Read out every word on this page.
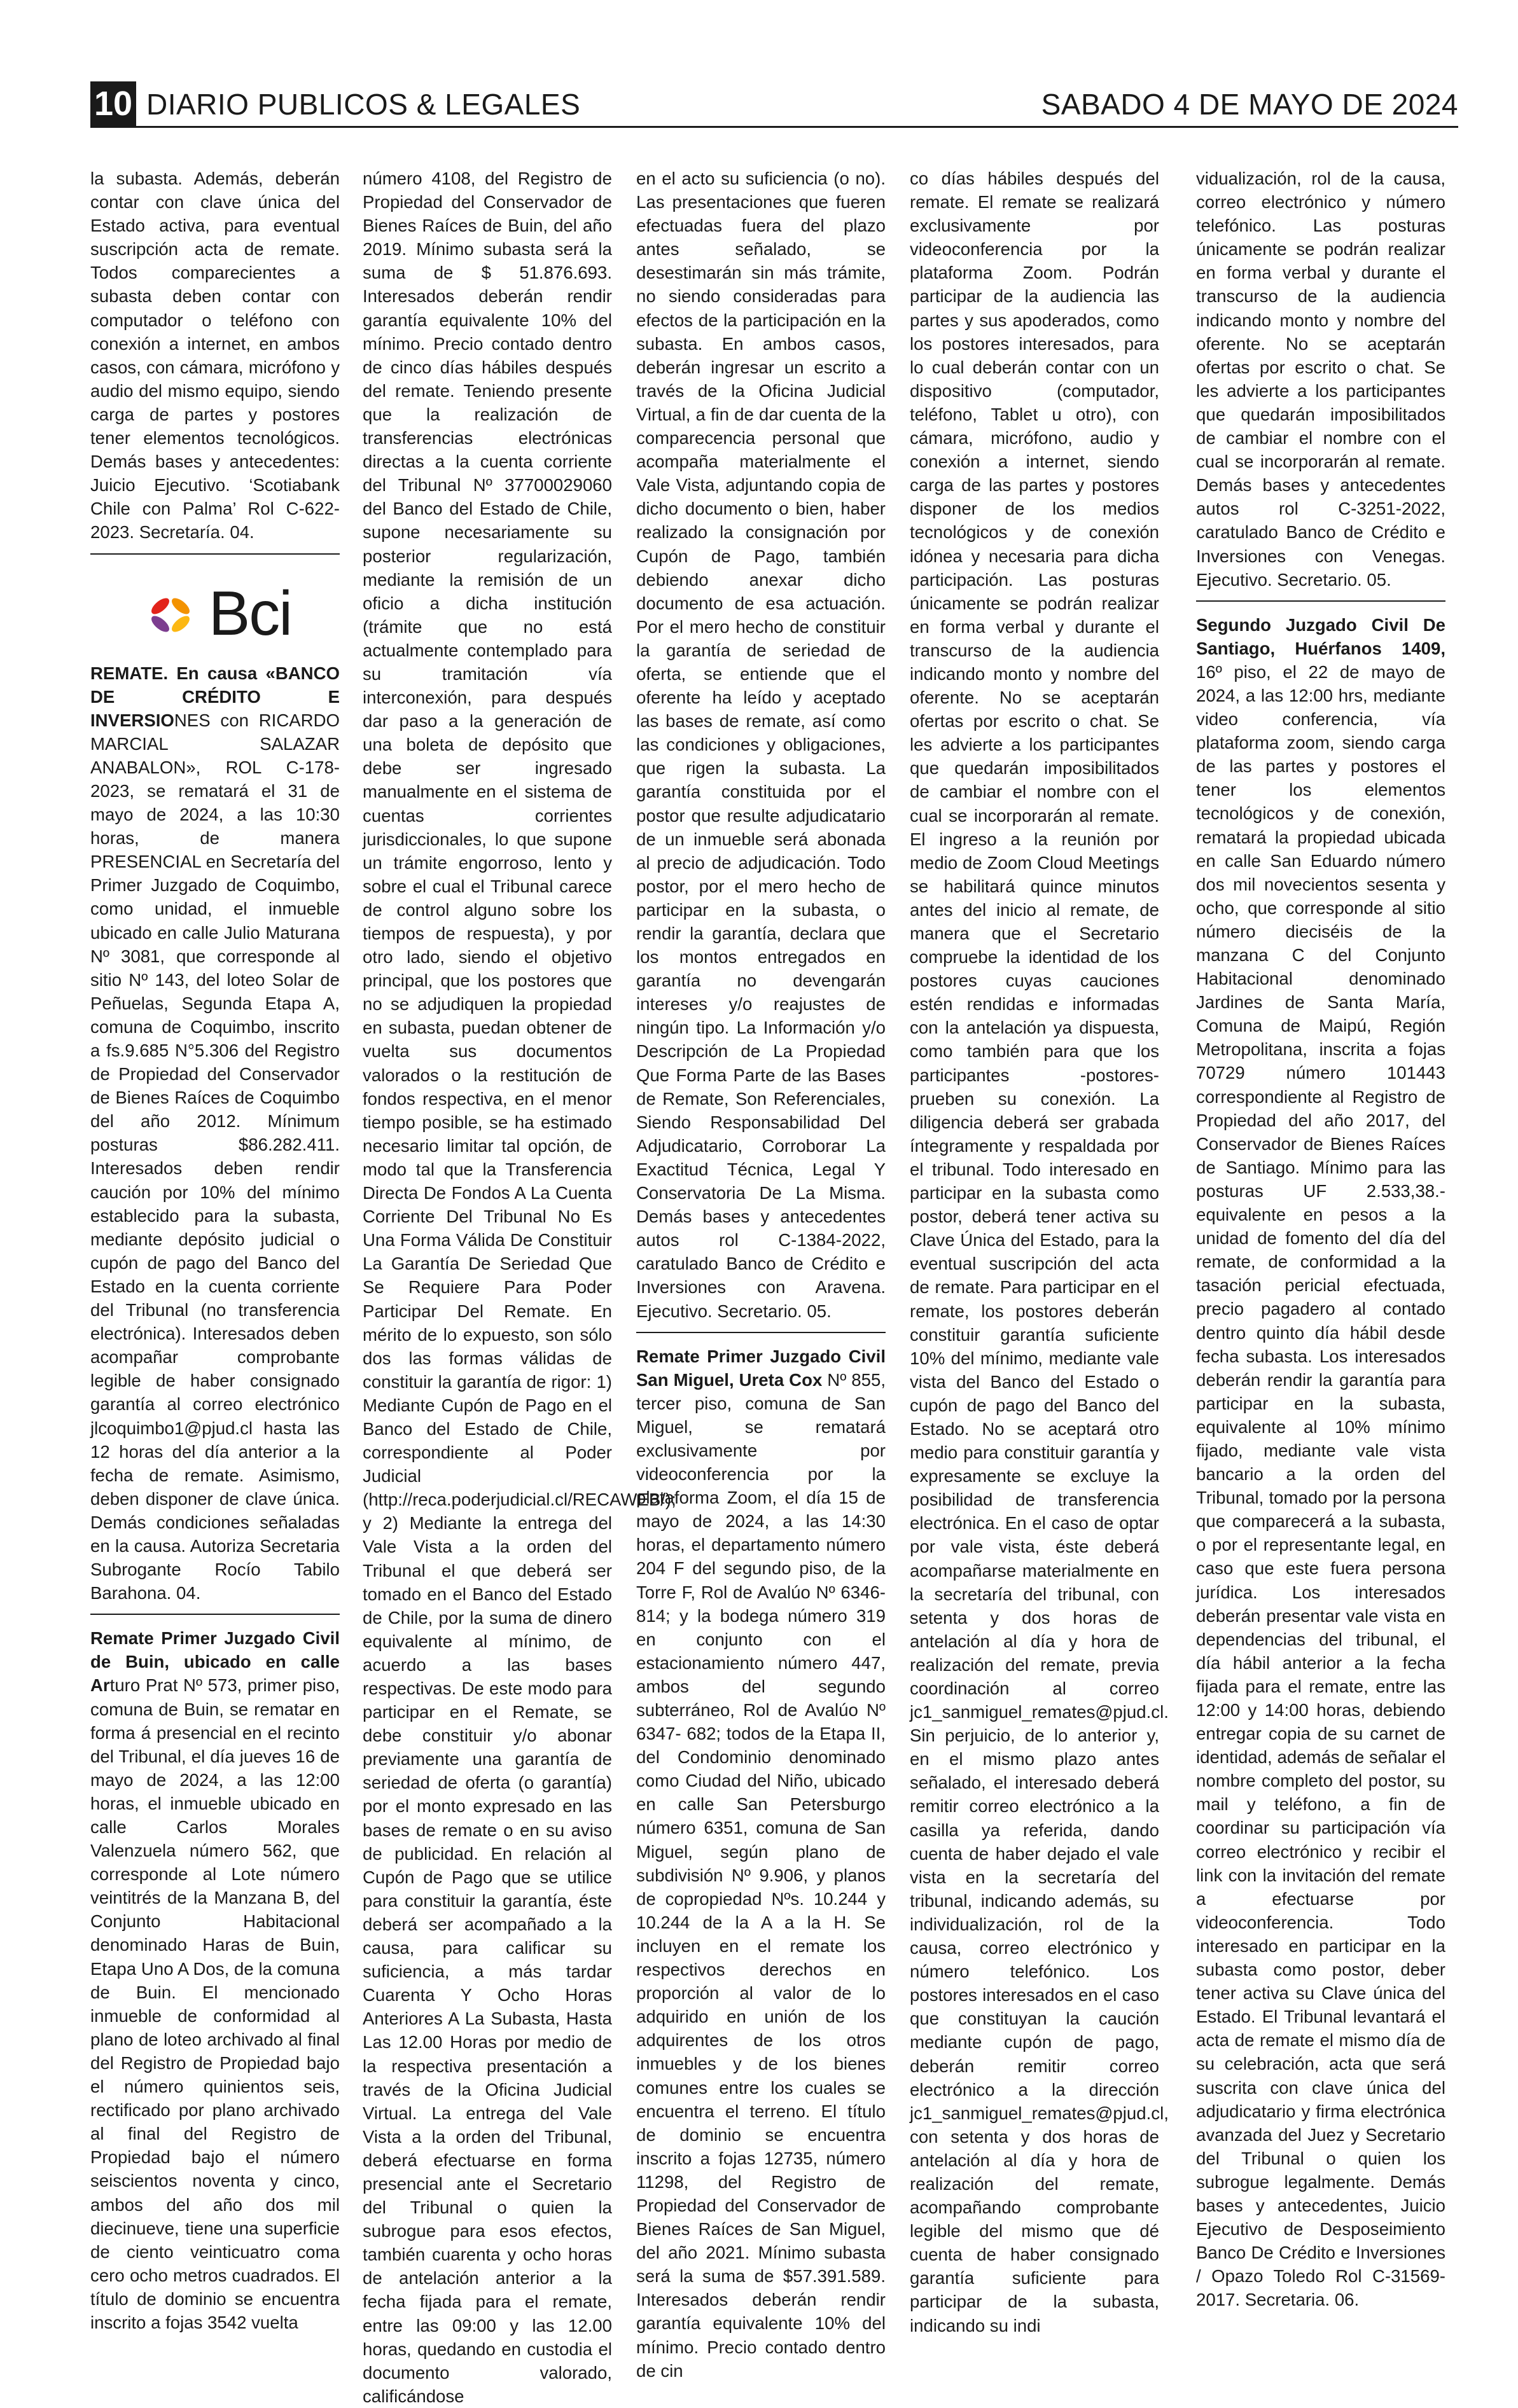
10 DIARIO PUBLICOS & LEGALES	SABADO 4 DE MAYO DE 2024

la subasta. Además, deberán contar con clave única del Estado activa, para eventual suscripción acta de remate. Todos comparecientes a subasta deben contar con computador o teléfono con conexión a internet, en ambos casos, con cámara, micrófono y audio del mismo equipo, siendo carga de partes y postores tener elementos tecnológicos. Demás bases y antecedentes: Juicio Ejecutivo. ‘Scotiabank Chile con Palma’ Rol C-622-2023. Secretaría. 04.

Bci

REMATE. En causa «BANCO DE CRÉDITO E INVERSIONES con RICARDO MARCIAL SALAZAR ANABALON», ROL C-178-2023, se rematará el 31 de mayo de 2024, a las 10:30 horas, de manera PRESENCIAL en Secretaría del Primer Juzgado de Coquimbo, como unidad, el inmueble ubicado en calle Julio Maturana Nº 3081, que corresponde al sitio Nº 143, del loteo Solar de Peñuelas, Segunda Etapa A, comuna de Coquimbo, inscrito a fs.9.685 N°5.306 del Registro de Propiedad del Conservador de Bienes Raíces de Coquimbo del año 2012. Mínimum posturas $86.282.411. Interesados deben rendir caución por 10% del mínimo establecido para la subasta, mediante depósito judicial o cupón de pago del Banco del Estado en la cuenta corriente del Tribunal (no transferencia electrónica). Interesados deben acompañar comprobante legible de haber consignado garantía al correo electrónico jlcoquimbo1@pjud.cl hasta las 12 horas del día anterior a la fecha de remate. Asimismo, deben disponer de clave única. Demás condiciones señaladas en la causa. Autoriza Secretaria Subrogante Rocío Tabilo Barahona. 04.

Remate Primer Juzgado Civil de Buin, ubicado en calle Arturo Prat Nº 573, primer piso, comuna de Buin, se rematar en forma á presencial en el recinto del Tribunal, el día jueves 16 de mayo de 2024, a las 12:00 horas, el inmueble ubicado en calle Carlos Morales Valenzuela número 562, que corresponde al Lote número veintitrés de la Manzana B, del Conjunto Habitacional denominado Haras de Buin, Etapa Uno A Dos, de la comuna de Buin. El mencionado inmueble de conformidad al plano de loteo archivado al final del Registro de Propiedad bajo el número quinientos seis, rectificado por plano archivado al final del Registro de Propiedad bajo el número seiscientos noventa y cinco, ambos del año dos mil diecinueve, tiene una superficie de ciento veinticuatro coma cero ocho metros cuadrados. El título de dominio se encuentra inscrito a fojas 3542 vuelta

número 4108, del Registro de Propiedad del Conservador de Bienes Raíces de Buin, del año 2019. Mínimo subasta será la suma de $ 51.876.693. Interesados deberán rendir garantía equivalente 10% del mínimo. Precio contado dentro de cinco días hábiles después del remate. Teniendo presente que la realización de transferencias electrónicas directas a la cuenta corriente del Tribunal Nº 37700029060 del Banco del Estado de Chile, supone necesariamente su posterior regularización, mediante la remisión de un oficio a dicha institución (trámite que no está actualmente contemplado para su tramitación vía interconexión, para después dar paso a la generación de una boleta de depósito que debe ser ingresado manualmente en el sistema de cuentas corrientes jurisdiccionales, lo que supone un trámite engorroso, lento y sobre el cual el Tribunal carece de control alguno sobre los tiempos de respuesta), y por otro lado, siendo el objetivo principal, que los postores que no se adjudiquen la propiedad en subasta, puedan obtener de vuelta sus documentos valorados o la restitución de fondos respectiva, en el menor tiempo posible, se ha estimado necesario limitar tal opción, de modo tal que la Transferencia Directa De Fondos A La Cuenta Corriente Del Tribunal No Es Una Forma Válida De Constituir La Garantía De Seriedad Que Se Requiere Para Poder Participar Del Remate. En mérito de lo expuesto, son sólo dos las formas válidas de constituir la garantía de rigor: 1) Mediante Cupón de Pago en el Banco del Estado de Chile, correspondiente al Poder Judicial (http://reca.poderjudicial.cl/RECAWEB/); y 2) Mediante la entrega del Vale Vista a la orden del Tribunal el que deberá ser tomado en el Banco del Estado de Chile, por la suma de dinero equivalente al mínimo, de acuerdo a las bases respectivas. De este modo para participar en el Remate, se debe constituir y/o abonar previamente una garantía de seriedad de oferta (o garantía) por el monto expresado en las bases de remate o en su aviso de publicidad. En relación al Cupón de Pago que se utilice para constituir la garantía, éste deberá ser acompañado a la causa, para calificar su suficiencia, a más tardar Cuarenta Y Ocho Horas Anteriores A La Subasta, Hasta Las 12.00 Horas por medio de la respectiva presentación a través de la Oficina Judicial Virtual. La entrega del Vale Vista a la orden del Tribunal, deberá efectuarse en forma presencial ante el Secretario del Tribunal o quien la subrogue para esos efectos, también cuarenta y ocho horas de antelación anterior a la fecha fijada para el remate, entre las 09:00 y las 12.00 horas, quedando en custodia el documento valorado, calificándose

en el acto su suficiencia (o no). Las presentaciones que fueren efectuadas fuera del plazo antes señalado, se desestimarán sin más trámite, no siendo consideradas para efectos de la participación en la subasta. En ambos casos, deberán ingresar un escrito a través de la Oficina Judicial Virtual, a fin de dar cuenta de la comparecencia personal que acompaña materialmente el Vale Vista, adjuntando copia de dicho documento o bien, haber realizado la consignación por Cupón de Pago, también debiendo anexar dicho documento de esa actuación. Por el mero hecho de constituir la garantía de seriedad de oferta, se entiende que el oferente ha leído y aceptado las bases de remate, así como las condiciones y obligaciones, que rigen la subasta. La garantía constituida por el postor que resulte adjudicatario de un inmueble será abonada al precio de adjudicación. Todo postor, por el mero hecho de participar en la subasta, o rendir la garantía, declara que los montos entregados en garantía no devengarán intereses y/o reajustes de ningún tipo. La Información y/o Descripción de La Propiedad Que Forma Parte de las Bases de Remate, Son Referenciales, Siendo Responsabilidad Del Adjudicatario, Corroborar La Exactitud Técnica, Legal Y Conservatoria De La Misma. Demás bases y antecedentes autos rol C-1384-2022, caratulado Banco de Crédito e Inversiones con Aravena. Ejecutivo. Secretario. 05.

Remate Primer Juzgado Civil San Miguel, Ureta Cox Nº 855, tercer piso, comuna de San Miguel, se rematará exclusivamente por videoconferencia por la plataforma Zoom, el día 15 de mayo de 2024, a las 14:30 horas, el departamento número 204 F del segundo piso, de la Torre F, Rol de Avalúo Nº 6346-814; y la bodega número 319 en conjunto con el estacionamiento número 447, ambos del segundo subterráneo, Rol de Avalúo Nº 6347- 682; todos de la Etapa II, del Condominio denominado como Ciudad del Niño, ubicado en calle San Petersburgo número 6351, comuna de San Miguel, según plano de subdivisión Nº 9.906, y planos de copropiedad Nºs. 10.244 y 10.244 de la A a la H. Se incluyen en el remate los respectivos derechos en proporción al valor de lo adquirido en unión de los adquirentes de los otros inmuebles y de los bienes comunes entre los cuales se encuentra el terreno. El título de dominio se encuentra inscrito a fojas 12735, número 11298, del Registro de Propiedad del Conservador de Bienes Raíces de San Miguel, del año 2021. Mínimo subasta será la suma de $57.391.589. Interesados deberán rendir garantía equivalente 10% del mínimo. Precio contado dentro de cin

co días hábiles después del remate. El remate se realizará exclusivamente por videoconferencia por la plataforma Zoom. Podrán participar de la audiencia las partes y sus apoderados, como los postores interesados, para lo cual deberán contar con un dispositivo (computador, teléfono, Tablet u otro), con cámara, micrófono, audio y conexión a internet, siendo carga de las partes y postores disponer de los medios tecnológicos y de conexión idónea y necesaria para dicha participación. Las posturas únicamente se podrán realizar en forma verbal y durante el transcurso de la audiencia indicando monto y nombre del oferente. No se aceptarán ofertas por escrito o chat. Se les advierte a los participantes que quedarán imposibilitados de cambiar el nombre con el cual se incorporarán al remate. El ingreso a la reunión por medio de Zoom Cloud Meetings se habilitará quince minutos antes del inicio al remate, de manera que el Secretario compruebe la identidad de los postores cuyas cauciones estén rendidas e informadas con la antelación ya dispuesta, como también para que los participantes -postores- prueben su conexión. La diligencia deberá ser grabada íntegramente y respaldada por el tribunal. Todo interesado en participar en la subasta como postor, deberá tener activa su Clave Única del Estado, para la eventual suscripción del acta de remate. Para participar en el remate, los postores deberán constituir garantía suficiente 10% del mínimo, mediante vale vista del Banco del Estado o cupón de pago del Banco del Estado. No se aceptará otro medio para constituir garantía y expresamente se excluye la posibilidad de transferencia electrónica. En el caso de optar por vale vista, éste deberá acompañarse materialmente en la secretaría del tribunal, con setenta y dos horas de antelación al día y hora de realización del remate, previa coordinación al correo jc1_sanmiguel_remates@pjud.cl. Sin perjuicio, de lo anterior y, en el mismo plazo antes señalado, el interesado deberá remitir correo electrónico a la casilla ya referida, dando cuenta de haber dejado el vale vista en la secretaría del tribunal, indicando además, su individualización, rol de la causa, correo electrónico y número telefónico. Los postores interesados en el caso que constituyan la caución mediante cupón de pago, deberán remitir correo electrónico a la dirección jc1_sanmiguel_remates@pjud.cl, con setenta y dos horas de antelación al día y hora de realización del remate, acompañando comprobante legible del mismo que dé cuenta de haber consignado garantía suficiente para participar de la subasta, indicando su indi

vidualización, rol de la causa, correo electrónico y número telefónico. Las posturas únicamente se podrán realizar en forma verbal y durante el transcurso de la audiencia indicando monto y nombre del oferente. No se aceptarán ofertas por escrito o chat. Se les advierte a los participantes que quedarán imposibilitados de cambiar el nombre con el cual se incorporarán al remate. Demás bases y antecedentes autos rol C-3251-2022, caratulado Banco de Crédito e Inversiones con Venegas. Ejecutivo. Secretario. 05.

Segundo Juzgado Civil De Santiago, Huérfanos 1409, 16º piso, el 22 de mayo de 2024, a las 12:00 hrs, mediante video conferencia, vía plataforma zoom, siendo carga de las partes y postores el tener los elementos tecnológicos y de conexión, rematará la propiedad ubicada en calle San Eduardo número dos mil novecientos sesenta y ocho, que corresponde al sitio número dieciséis de la manzana C del Conjunto Habitacional denominado Jardines de Santa María, Comuna de Maipú, Región Metropolitana, inscrita a fojas 70729 número 101443 correspondiente al Registro de Propiedad del año 2017, del Conservador de Bienes Raíces de Santiago. Mínimo para las posturas UF 2.533,38.- equivalente en pesos a la unidad de fomento del día del remate, de conformidad a la tasación pericial efectuada, precio pagadero al contado dentro quinto día hábil desde fecha subasta. Los interesados deberán rendir la garantía para participar en la subasta, equivalente al 10% mínimo fijado, mediante vale vista bancario a la orden del Tribunal, tomado por la persona que comparecerá a la subasta, o por el representante legal, en caso que este fuera persona jurídica. Los interesados deberán presentar vale vista en dependencias del tribunal, el día hábil anterior a la fecha fijada para el remate, entre las 12:00 y 14:00 horas, debiendo entregar copia de su carnet de identidad, además de señalar el nombre completo del postor, su mail y teléfono, a fin de coordinar su participación vía correo electrónico y recibir el link con la invitación del remate a efectuarse por videoconferencia. Todo interesado en participar en la subasta como postor, deber tener activa su Clave única del Estado. El Tribunal levantará el acta de remate el mismo día de su celebración, acta que será suscrita con clave única del adjudicatario y firma electrónica avanzada del Juez y Secretario del Tribunal o quien los subrogue legalmente. Demás bases y antecedentes, Juicio Ejecutivo de Desposeimiento Banco De Crédito e Inversiones / Opazo Toledo Rol C-31569-2017. Secretaria. 06.
